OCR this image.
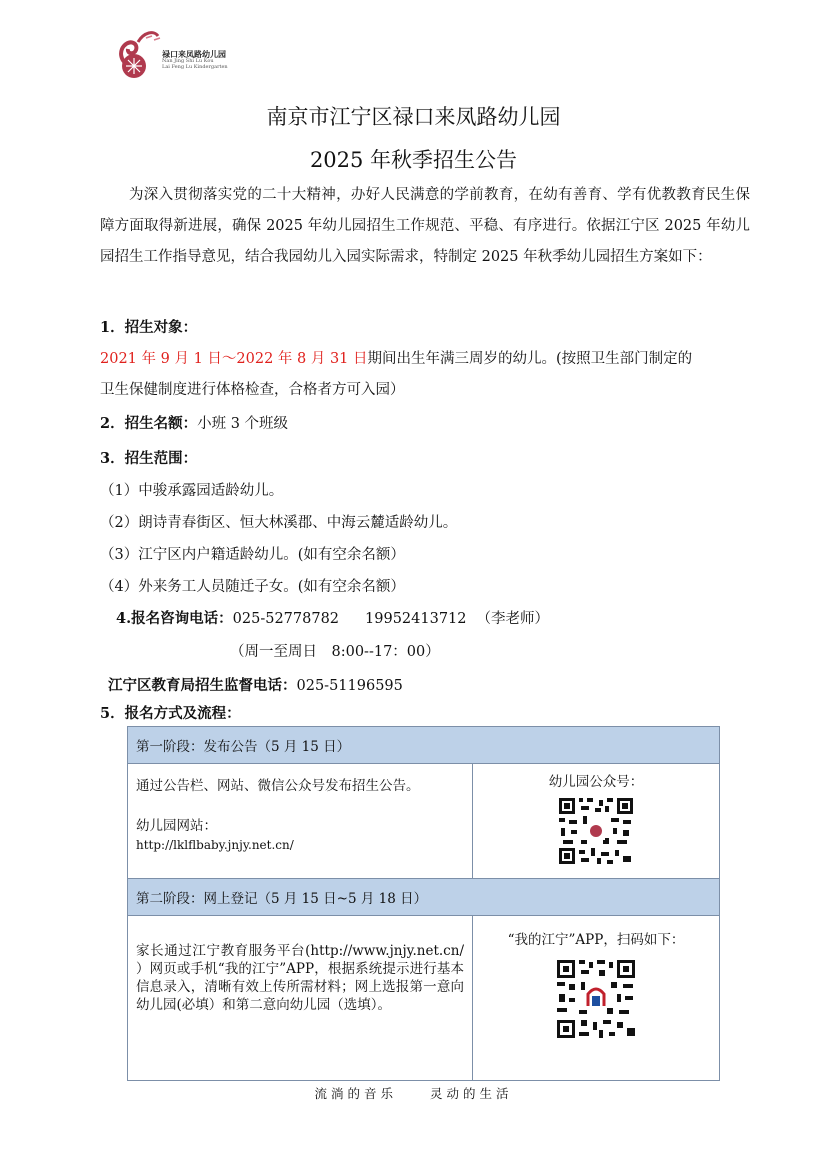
禄口来凤路幼儿园
Nan Jing Shi Lu Kou
Lai Feng Lu Kindergarten
南京市江宁区禄口来凤路幼儿园
2025 年秋季招生公告

为深入贯彻落实党的二十大精神，办好人民满意的学前教育，在幼有善育、学有优教教育民生保障方面取得新进展，确保 2025 年幼儿园招生工作规范、平稳、有序进行。依据江宁区 2025 年幼儿园招生工作指导意见，结合我园幼儿入园实际需求，特制定 2025 年秋季幼儿园招生方案如下：

1．招生对象：
2021 年 9 月 1 日～2022 年 8 月 31 日期间出生年满三周岁的幼儿。(按照卫生部门制定的
卫生保健制度进行体格检查，合格者方可入园）
2．招生名额：小班 3 个班级
3．招生范围：
（1）中骏承露园适龄幼儿。
（2）朗诗青春街区、恒大林溪郡、中海云麓适龄幼儿。
（3）江宁区内户籍适龄幼儿。(如有空余名额）
（4）外来务工人员随迁子女。(如有空余名额）
4.报名咨询电话：025-52778782 19952413712 （李老师）
（周一至周日　8:00--17：00）
江宁区教育局招生监督电话：025-51196595
5．报名方式及流程：
第一阶段：发布公告（5 月 15 日）	

通过公告栏、网站、微信公众号发布招生公告。
幼儿园网站：
http://lklflbaby.jnjy.net.cn/	幼儿园公众号：

第二阶段：网上登记（5 月 15 日~5 月 18 日）	

家长通过江宁教育服务平台(http://www.jnjy.net.cn/ ）网页或手机“我的江宁”APP，根据系统提示进行基本信息录入，清晰有效上传所需材料；网上选报第一意向幼儿园(必填）和第二意向幼儿园（选填）。	“我的江宁”APP，扫码如下：
流淌的音乐　　灵动的生活
